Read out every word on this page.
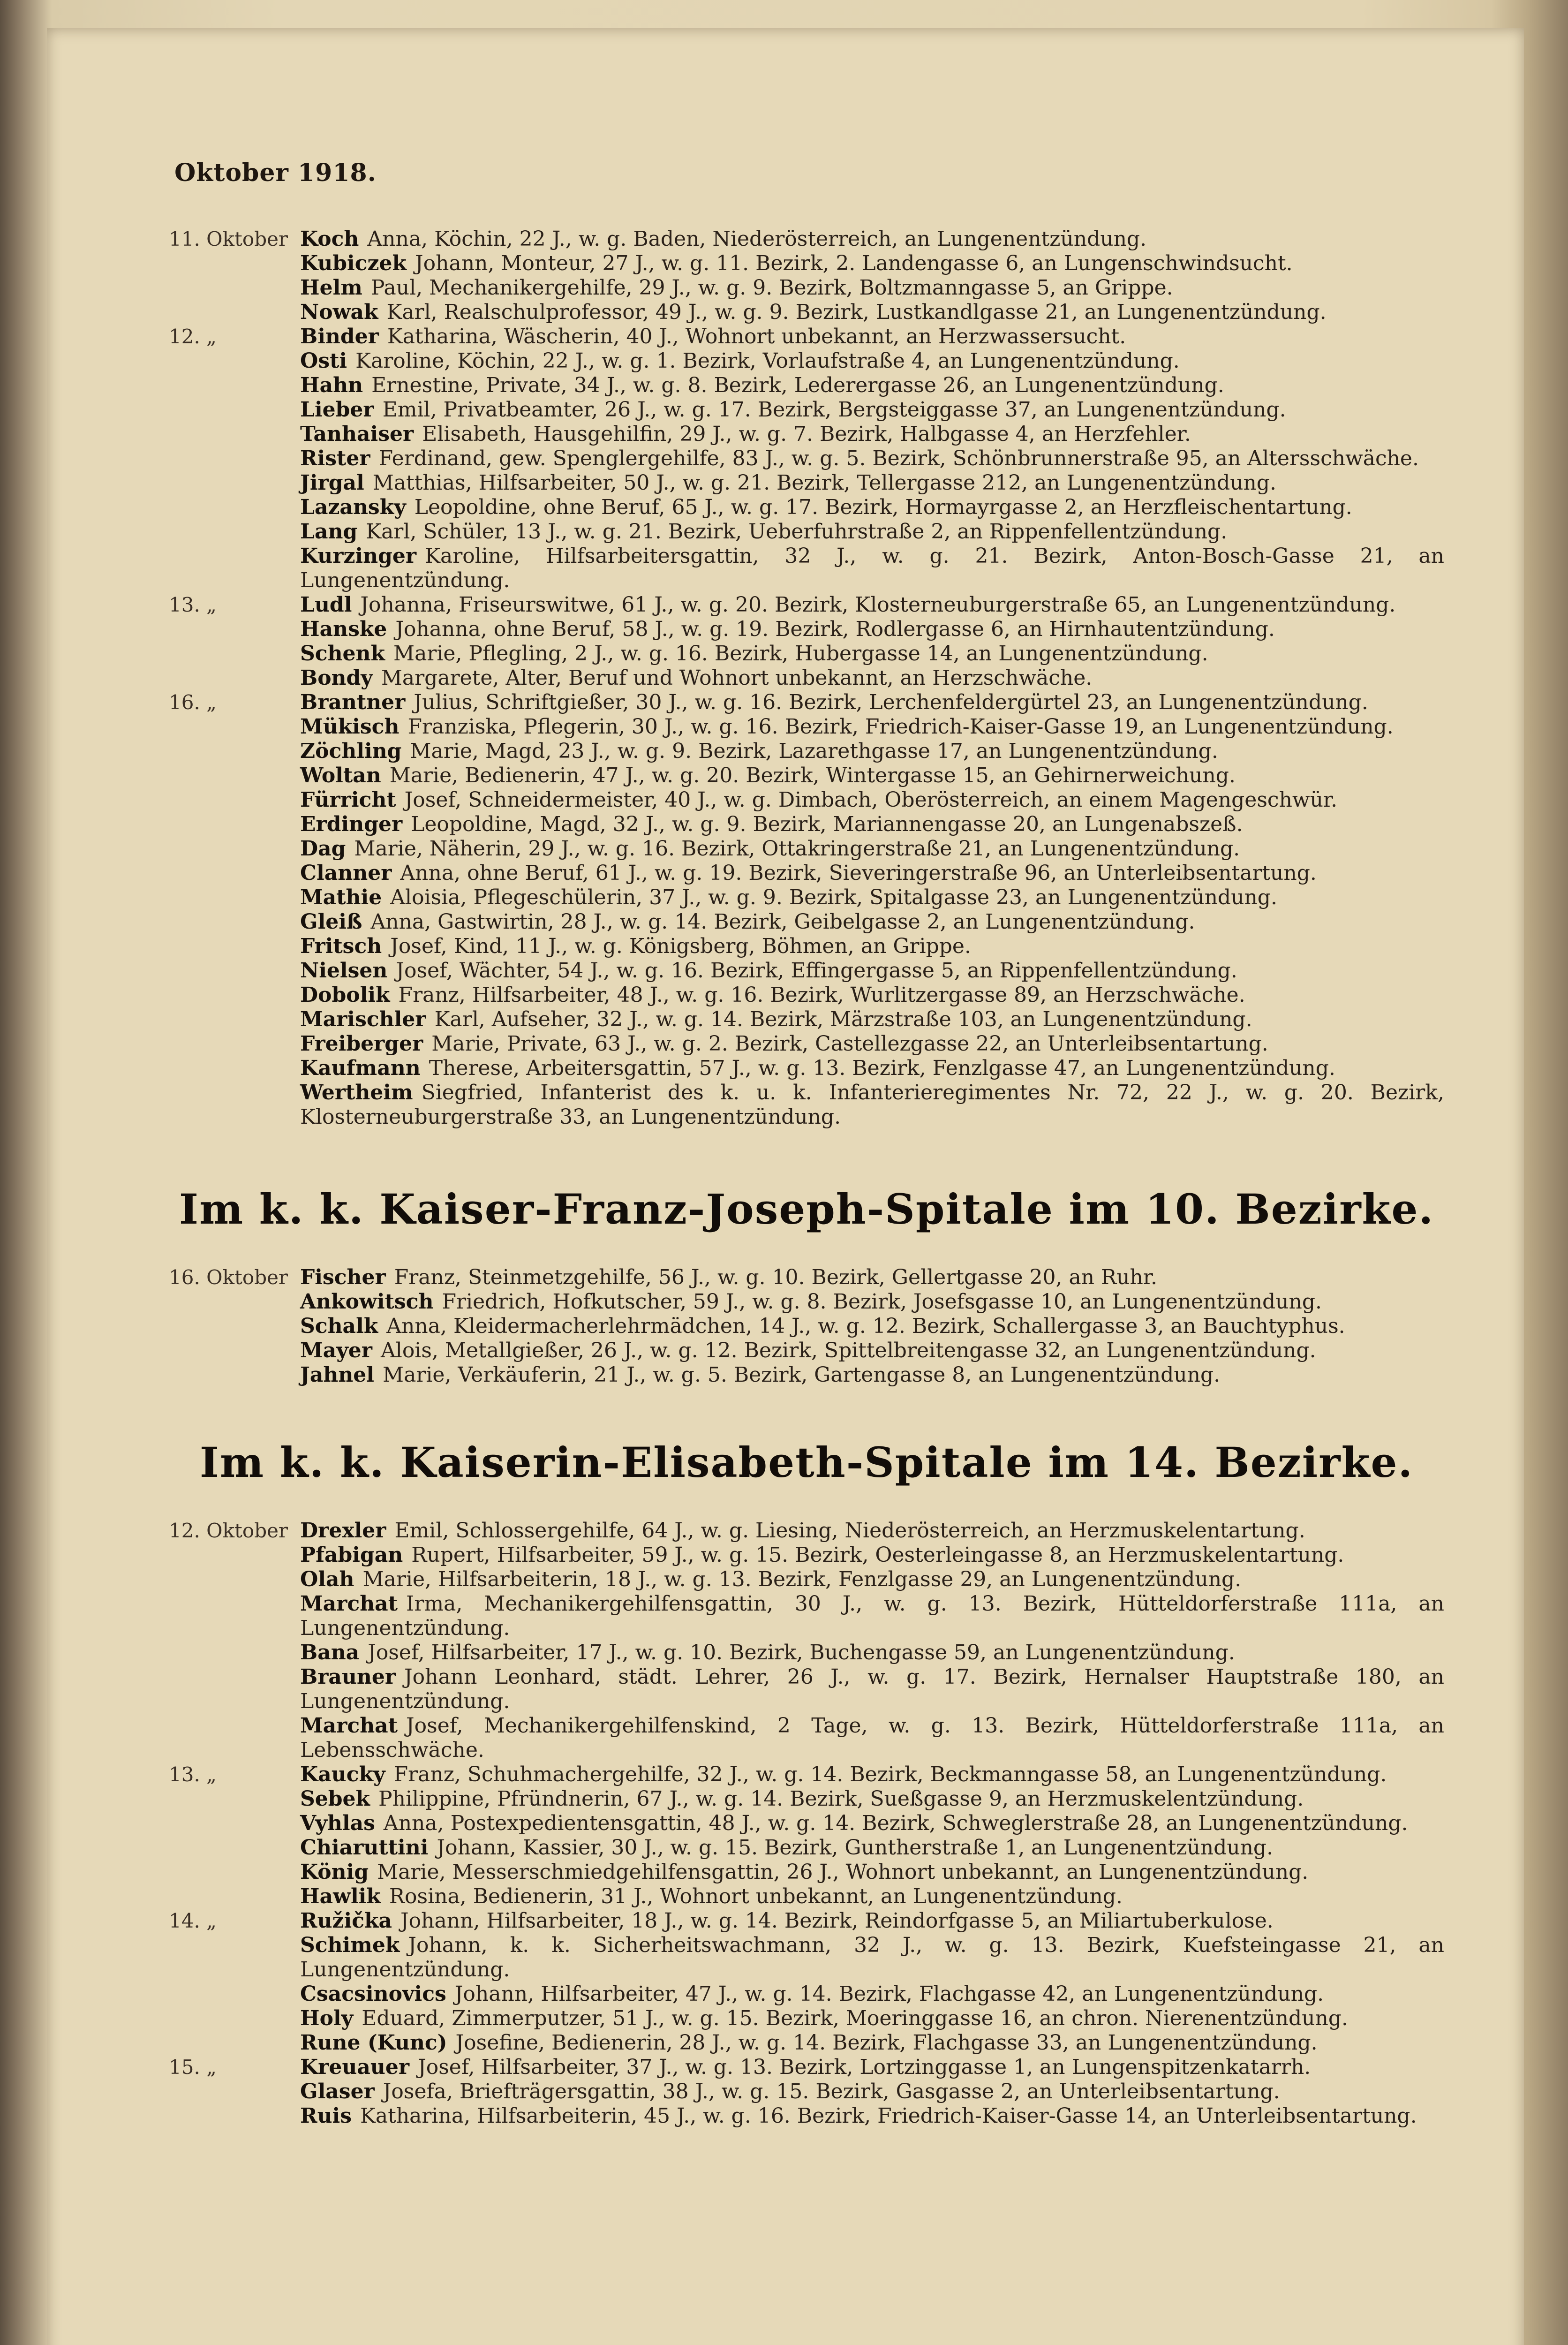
Oktober 1918.
11. Oktober Koch Anna, Köchin, 22 J., w. g. Baden, Niederösterreich, an Lungenentzündung.
Kubiczek Johann, Monteur, 27 J., w. g. 11. Bezirk, 2. Landengasse 6, an Lungenschwindsucht.
Helm Paul, Mechanikergehilfe, 29 J., w. g. 9. Bezirk, Boltzmanngasse 5, an Grippe.
Nowak Karl, Realschulprofessor, 49 J., w. g. 9. Bezirk, Lustkandlgasse 21, an Lungenentzündung.
12. „	Binder Katharina, Wäscherin, 40 J., Wohnort unbekannt, an Herzwassersucht.
Osti Karoline, Köchin, 22 J., w. g. 1. Bezirk, Vorlaufstraße 4, an Lungenentzündung.
Hahn Ernestine, Private, 34 J., w. g. 8. Bezirk, Lederergasse 26, an Lungenentzündung.
Lieber Emil, Privatbeamter, 26 J., w. g. 17. Bezirk, Bergsteiggasse 37, an Lungenentzündung.
Tanhaiser Elisabeth, Hausgehilfin, 29 J., w. g. 7. Bezirk, Halbgasse 4, an Herzfehler.
Rister Ferdinand, gew. Spenglergehilfe, 83 J., w. g. 5. Bezirk, Schönbrunnerstraße 95, an Altersschwäche.
Jirgal Matthias, Hilfsarbeiter, 50 J., w. g. 21. Bezirk, Tellergasse 212, an Lungenentzündung.
Lazansky Leopoldine, ohne Beruf, 65 J., w. g. 17. Bezirk, Hormayrgasse 2, an Herzfleischentartung.
Lang Karl, Schüler, 13 J., w. g. 21. Bezirk, Ueberfuhrstraße 2, an Rippenfellentzündung.
Kurzinger Karoline, Hilfsarbeitersgattin, 32 J., w. g. 21. Bezirk, Anton-Bosch-Gasse 21, an Lungenentzündung.
13. „	Ludl Johanna, Friseurswitwe, 61 J., w. g. 20. Bezirk, Klosterneuburgerstraße 65, an Lungenentzündung.
Hanske Johanna, ohne Beruf, 58 J., w. g. 19. Bezirk, Rodlergasse 6, an Hirnhautentzündung.
Schenk Marie, Pflegling, 2 J., w. g. 16. Bezirk, Hubergasse 14, an Lungenentzündung.
Bondy Margarete, Alter, Beruf und Wohnort unbekannt, an Herzschwäche.
16. „	Brantner Julius, Schriftgießer, 30 J., w. g. 16. Bezirk, Lerchenfeldergürtel 23, an Lungenentzündung.
Mükisch Franziska, Pflegerin, 30 J., w. g. 16. Bezirk, Friedrich-Kaiser-Gasse 19, an Lungenentzündung.
Zöchling Marie, Magd, 23 J., w. g. 9. Bezirk, Lazarethgasse 17, an Lungenentzündung.
Woltan Marie, Bedienerin, 47 J., w. g. 20. Bezirk, Wintergasse 15, an Gehirnerweichung.
Fürricht Josef, Schneidermeister, 40 J., w. g. Dimbach, Oberösterreich, an einem Magengeschwür.
Erdinger Leopoldine, Magd, 32 J., w. g. 9. Bezirk, Mariannengasse 20, an Lungenabszeß.
Dag Marie, Näherin, 29 J., w. g. 16. Bezirk, Ottakringerstraße 21, an Lungenentzündung.
Clanner Anna, ohne Beruf, 61 J., w. g. 19. Bezirk, Sieveringerstraße 96, an Unterleibsentartung.
Mathie Aloisia, Pflegeschülerin, 37 J., w. g. 9. Bezirk, Spitalgasse 23, an Lungenentzündung.
Gleiß Anna, Gastwirtin, 28 J., w. g. 14. Bezirk, Geibelgasse 2, an Lungenentzündung.
Fritsch Josef, Kind, 11 J., w. g. Königsberg, Böhmen, an Grippe.
Nielsen Josef, Wächter, 54 J., w. g. 16. Bezirk, Effingergasse 5, an Rippenfellentzündung.
Dobolik Franz, Hilfsarbeiter, 48 J., w. g. 16. Bezirk, Wurlitzergasse 89, an Herzschwäche.
Marischler Karl, Aufseher, 32 J., w. g. 14. Bezirk, Märzstraße 103, an Lungenentzündung.
Freiberger Marie, Private, 63 J., w. g. 2. Bezirk, Castellezgasse 22, an Unterleibsentartung.
Kaufmann Therese, Arbeitersgattin, 57 J., w. g. 13. Bezirk, Fenzlgasse 47, an Lungenentzündung.
Wertheim Siegfried, Infanterist des k. u. k. Infanterieregimentes Nr. 72, 22 J., w. g. 20. Bezirk, Klosterneuburgerstraße 33, an Lungenentzündung.
Im k. k. Kaiser-Franz-Joseph-Spitale im 10. Bezirke.
16. Oktober Fischer Franz, Steinmetzgehilfe, 56 J., w. g. 10. Bezirk, Gellertgasse 20, an Ruhr.
Ankowitsch Friedrich, Hofkutscher, 59 J., w. g. 8. Bezirk, Josefsgasse 10, an Lungenentzündung.
Schalk Anna, Kleidermacherlehrmädchen, 14 J., w. g. 12. Bezirk, Schallergasse 3, an Bauchtyphus.
Mayer Alois, Metallgießer, 26 J., w. g. 12. Bezirk, Spittelbreitengasse 32, an Lungenentzündung.
Jahnel Marie, Verkäuferin, 21 J., w. g. 5. Bezirk, Gartengasse 8, an Lungenentzündung.
Im k. k. Kaiserin-Elisabeth-Spitale im 14. Bezirke.
12. Oktober Drexler Emil, Schlossergehilfe, 64 J., w. g. Liesing, Niederösterreich, an Herzmuskelentartung.
Pfabigan Rupert, Hilfsarbeiter, 59 J., w. g. 15. Bezirk, Oesterleingasse 8, an Herzmuskelentartung.
Olah Marie, Hilfsarbeiterin, 18 J., w. g. 13. Bezirk, Fenzlgasse 29, an Lungenentzündung.
Marchat Irma, Mechanikergehilfensgattin, 30 J., w. g. 13. Bezirk, Hütteldorferstraße 111a, an Lungenentzündung.
Bana Josef, Hilfsarbeiter, 17 J., w. g. 10. Bezirk, Buchengasse 59, an Lungenentzündung.
Brauner Johann Leonhard, städt. Lehrer, 26 J., w. g. 17. Bezirk, Hernalser Hauptstraße 180, an Lungenentzündung.
Marchat Josef, Mechanikergehilfenskind, 2 Tage, w. g. 13. Bezirk, Hütteldorferstraße 111a, an Lebensschwäche.
13. „	Kaucky Franz, Schuhmachergehilfe, 32 J., w. g. 14. Bezirk, Beckmanngasse 58, an Lungenentzündung.
Sebek Philippine, Pfründnerin, 67 J., w. g. 14. Bezirk, Sueßgasse 9, an Herzmuskelentzündung.
Vyhlas Anna, Postexpedientensgattin, 48 J., w. g. 14. Bezirk, Schweglerstraße 28, an Lungenentzündung.
Chiaruttini Johann, Kassier, 30 J., w. g. 15. Bezirk, Guntherstraße 1, an Lungenentzündung.
König Marie, Messerschmiedgehilfensgattin, 26 J., Wohnort unbekannt, an Lungenentzündung.
Hawlik Rosina, Bedienerin, 31 J., Wohnort unbekannt, an Lungenentzündung.
14. „	Ružička Johann, Hilfsarbeiter, 18 J., w. g. 14. Bezirk, Reindorfgasse 5, an Miliartuberkulose.
Schimek Johann, k. k. Sicherheitswachmann, 32 J., w. g. 13. Bezirk, Kuefsteingasse 21, an Lungenentzündung.
Csacsinovics Johann, Hilfsarbeiter, 47 J., w. g. 14. Bezirk, Flachgasse 42, an Lungenentzündung.
Holy Eduard, Zimmerputzer, 51 J., w. g. 15. Bezirk, Moeringgasse 16, an chron. Nierenentzündung.
Rune (Kunc) Josefine, Bedienerin, 28 J., w. g. 14. Bezirk, Flachgasse 33, an Lungenentzündung.
15. „	Kreuauer Josef, Hilfsarbeiter, 37 J., w. g. 13. Bezirk, Lortzinggasse 1, an Lungenspitzenkatarrh.
Glaser Josefa, Briefträgersgattin, 38 J., w. g. 15. Bezirk, Gasgasse 2, an Unterleibsentartung.
Ruis Katharina, Hilfsarbeiterin, 45 J., w. g. 16. Bezirk, Friedrich-Kaiser-Gasse 14, an Unterleibsentartung.
